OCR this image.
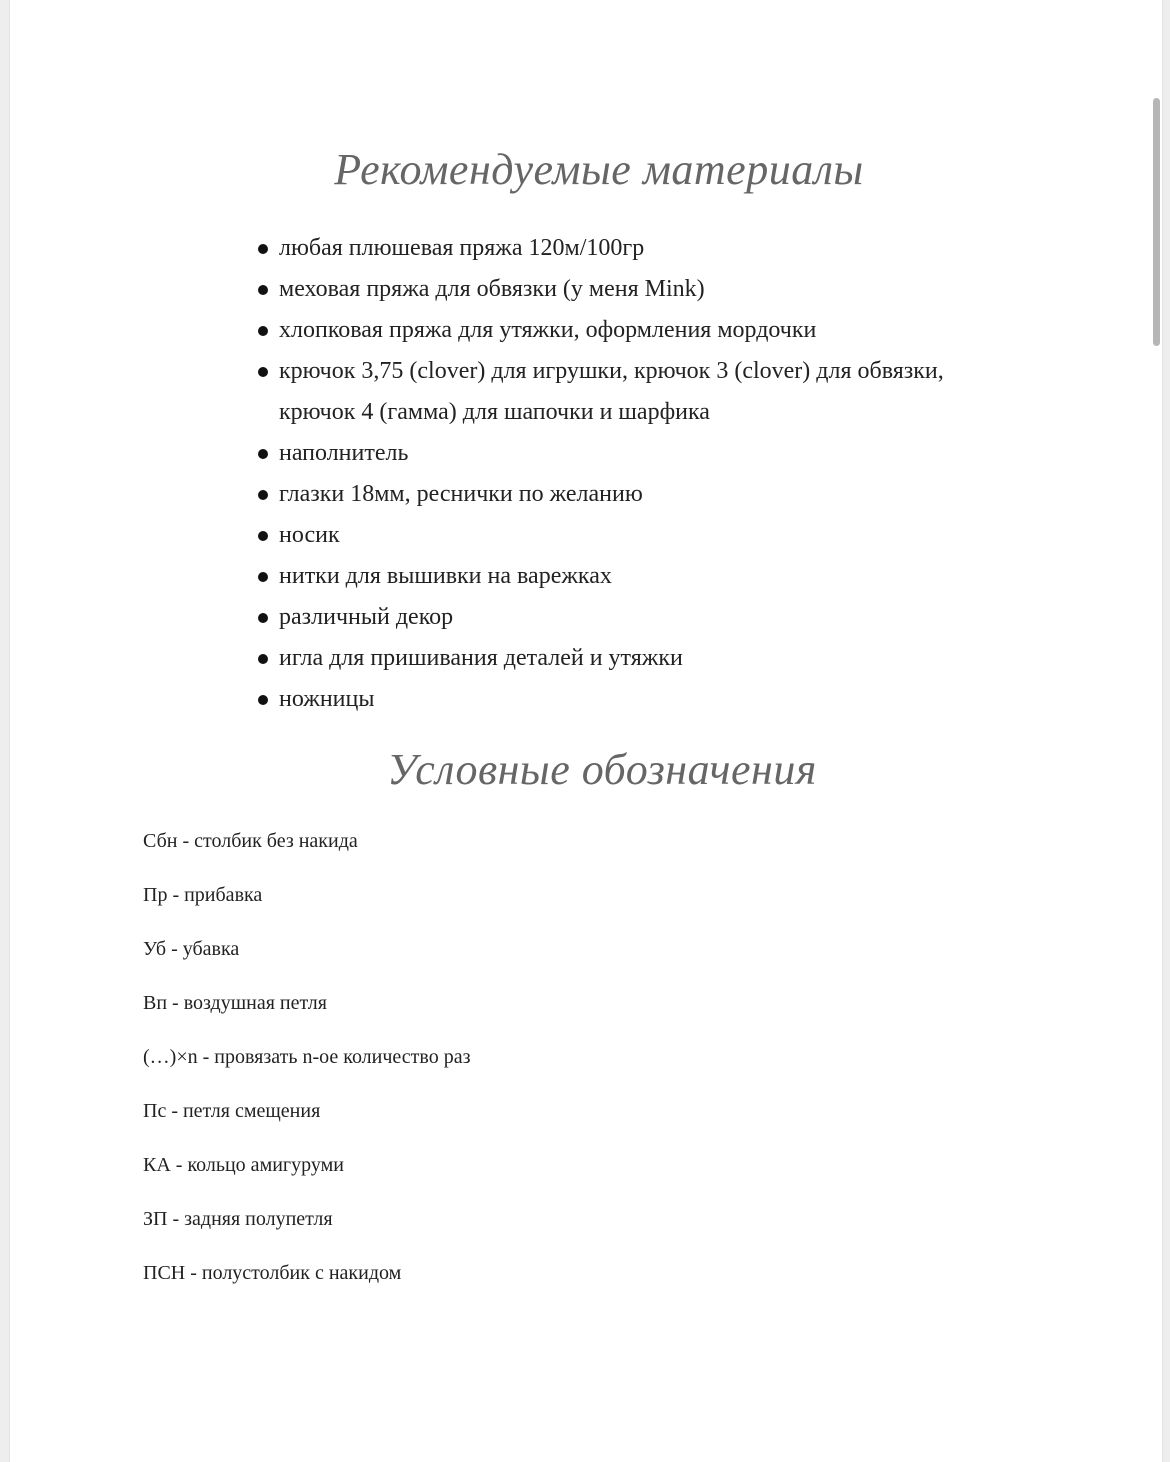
Рекомендуемые материалы
любая плюшевая пряжа 120м/100гр
меховая пряжа для обвязки (у меня Mink)
хлопковая пряжа для утяжки, оформления мордочки
крючок 3,75 (clover) для игрушки, крючок 3 (clover) для обвязки, крючок 4 (гамма) для шапочки и шарфика
наполнитель
глазки 18мм, реснички по желанию
носик
нитки для вышивки на варежках
различный декор
игла для пришивания деталей и утяжки
ножницы
Условные обозначения
Сбн - столбик без накида
Пр - прибавка
Уб - убавка
Вп - воздушная петля
(…)×n - провязать n-ое количество раз
Пс - петля смещения
КА - кольцо амигуруми
ЗП - задняя полупетля
ПСН - полустолбик с накидом
